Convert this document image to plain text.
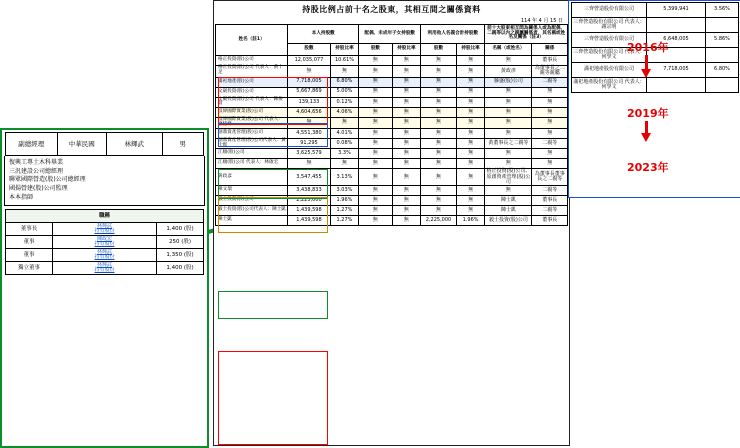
持股比例占前十名之股東，其相互間之關係資料
114 年 4 月 15 日
姓名（註1）	本人持股數		配偶、未成年子女持股數		利用他人名義合計持股數		前十大股東相互間為關係人或為配偶、二親等以內之親屬關係者，其名稱或姓名及關係（註3）	
	股數	持股比率	股數	持股比率	股數	持股比率	名稱（或姓名）	關係
格正投資(股)公司	12,035,077	10.61%	無	無	無	無	無	董事長
格正投資(股)公司 代表人：黃十足	無	無	無	無	無	無	黃政彥	為董事長之二親等親屬
滿祀地產(股)公司	7,718,005	6.80%	無	無	無	無	藤盛(股)公司	二親等
文崴投資(股)公司	5,667,869	5.00%	無	無	無	無	無	無
文崴投資(股)公司 代表人：陳俊賢	139,133	0.12%	無	無	無	無	無	無
技偉國際實業(股)公司	4,604,656	4.06%	無	無	無	無	無	無
技偉國際實業(股)公司 代表人：廖桂峰	無	無	無	無	無	無	無	無
創鼎資產管理(股)公司	4,551,380	4.01%	無	無	無	無	無	無
創鼎資產管理(股)公司代表人：黃士群	91,295	0.08%	無	無	無	無	黃董事長之二親等	二親等
江順(股)公司	3,625,579	3.3%	無	無	無	無	無	無
江順(股)公司 代表人：林啟宏	無	無	無	無	無	無	無	無
黃政彥	3,547,455	3.13%	無	無	無	無	格正投資(股)公司、原創資產管理(股)公司	為董事長董事長之二親等
陳文瑞	3,438,833	3.03%	無	無	無	無	無	二親等
毅士投資(股)公司	2,225,000	1.96%	無	無	無	無	陳士凱	董事長
毅士投資(股)公司代表人：陳士凱	1,439,598	1.27%	無	無	無	無	陳士凱	二親等
陳士凱	1,439,598	1.27%	無	無	2,225,000	1.96%	毅士投資(股)公司	董事長
三齊營造股份有限公司	5,399,941	3.56%
三齊營造股份有限公司 代表人：謝宗明		
三齊營造股份有限公司	6,648,005	5.86%
三齊營造股份有限公司 代表人：何學文		
滿祀地產股份有限公司	7,718,005	6.80%
滿祀地產股份有限公司 代表人：何學文		
2016年
2019年
2023年
副總經理	中華民國	林輝武	男
復興工專土木科畢業
三汎建設公司總經理
聯眾國際營造(股)公司總經理
國揚營建(股)公司監理
本本指師
職稱		
董事長	林輝武
持有股份	1,400 (股)
董事	陳政宏
持有股份	250 (股)
董事	林輝武
持有股份	1,350 (股)
獨立董事	林輝武
持有股份	1,400 (股)
